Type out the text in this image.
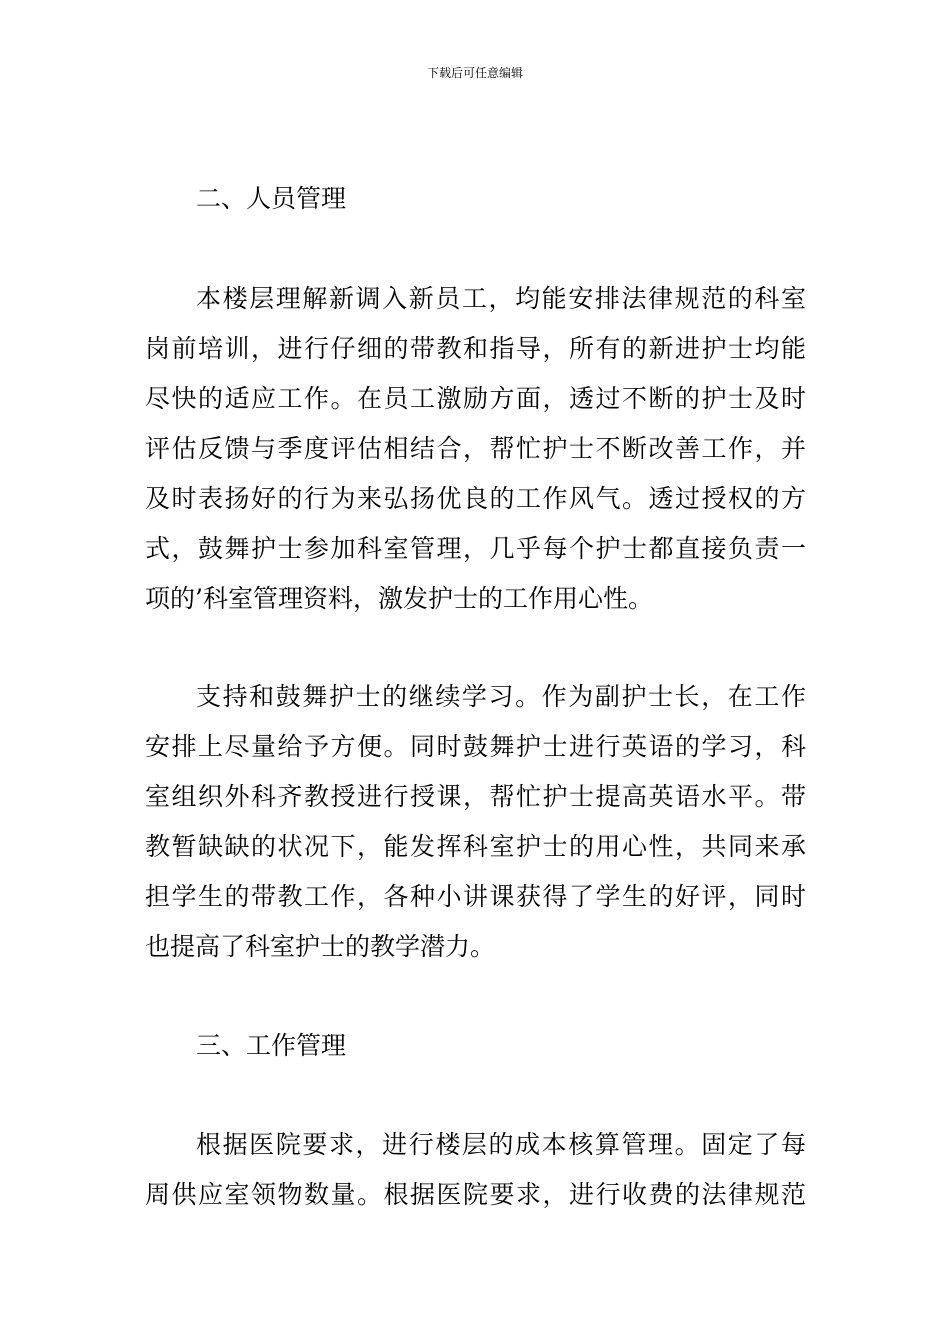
下载后可任意编辑
二、人员管理
本楼层理解新调入新员工，均能安排法律规范的科室
岗前培训，进行仔细的带教和指导，所有的新进护士均能
尽快的适应工作。在员工激励方面，透过不断的护士及时
评估反馈与季度评估相结合，帮忙护士不断改善工作，并
及时表扬好的行为来弘扬优良的工作风气。透过授权的方
式，鼓舞护士参加科室管理，几乎每个护士都直接负责一
项的’科室管理资料，激发护士的工作用心性。
支持和鼓舞护士的继续学习。作为副护士长，在工作
安排上尽量给予方便。同时鼓舞护士进行英语的学习，科
室组织外科齐教授进行授课，帮忙护士提高英语水平。带
教暂缺缺的状况下，能发挥科室护士的用心性，共同来承
担学生的带教工作，各种小讲课获得了学生的好评，同时
也提高了科室护士的教学潜力。
三、工作管理
根据医院要求，进行楼层的成本核算管理。固定了每
周供应室领物数量。根据医院要求，进行收费的法律规范
